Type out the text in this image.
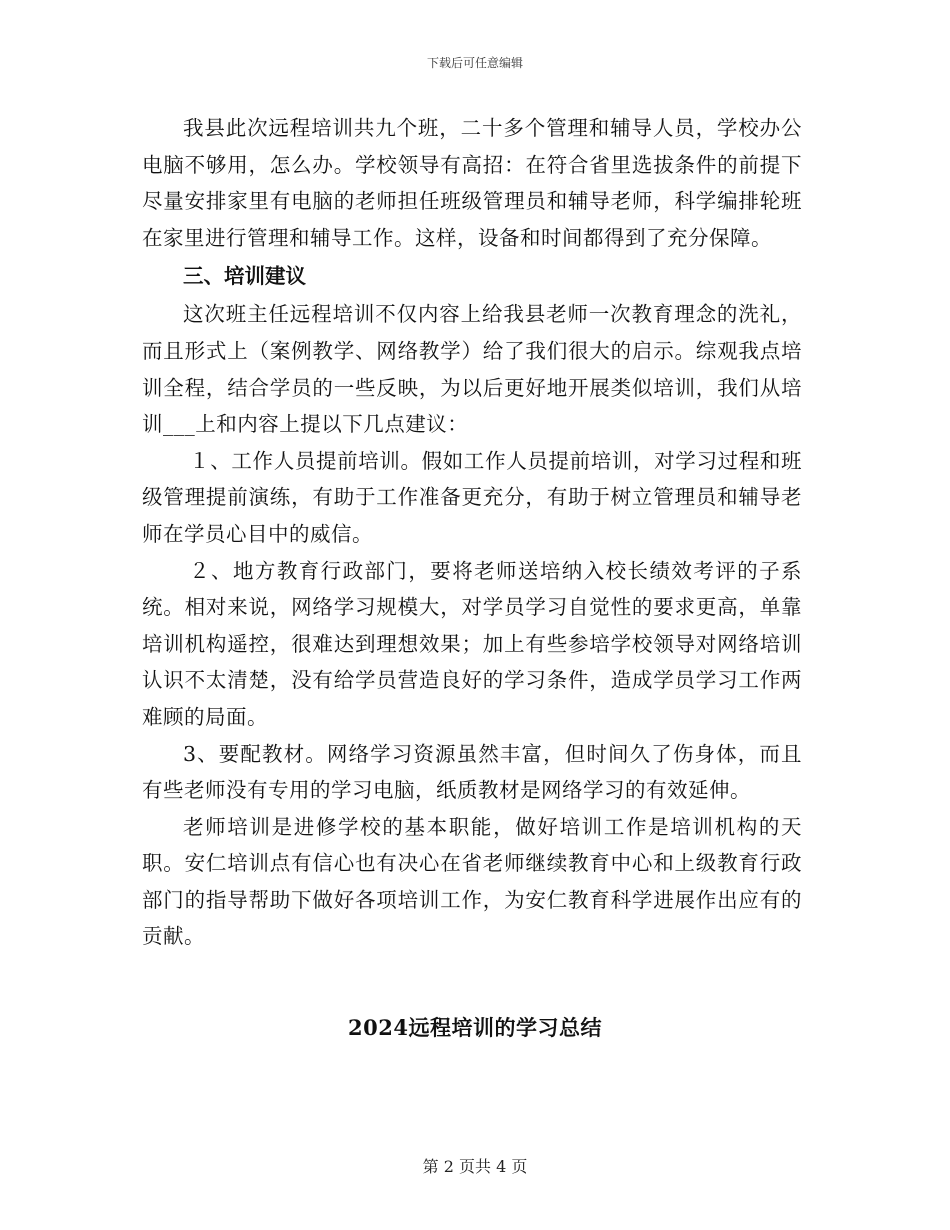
下载后可任意编辑

我县此次远程培训共九个班，二十多个管理和辅导人员，学校办公电脑不够用，怎么办。学校领导有高招：在符合省里选拔条件的前提下尽量安排家里有电脑的老师担任班级管理员和辅导老师，科学编排轮班在家里进行管理和辅导工作。这样，设备和时间都得到了充分保障。

三、培训建议

这次班主任远程培训不仅内容上给我县老师一次教育理念的洗礼，而且形式上（案例教学、网络教学）给了我们很大的启示。综观我点培训全程，结合学员的一些反映，为以后更好地开展类似培训，我们从培训___上和内容上提以下几点建议：

１、工作人员提前培训。假如工作人员提前培训，对学习过程和班级管理提前演练，有助于工作准备更充分，有助于树立管理员和辅导老师在学员心目中的威信。

２、地方教育行政部门，要将老师送培纳入校长绩效考评的子系统。相对来说，网络学习规模大，对学员学习自觉性的要求更高，单靠培训机构遥控，很难达到理想效果；加上有些参培学校领导对网络培训认识不太清楚，没有给学员营造良好的学习条件，造成学员学习工作两难顾的局面。

3、要配教材。网络学习资源虽然丰富，但时间久了伤身体，而且有些老师没有专用的学习电脑，纸质教材是网络学习的有效延伸。

老师培训是进修学校的基本职能，做好培训工作是培训机构的天职。安仁培训点有信心也有决心在省老师继续教育中心和上级教育行政部门的指导帮助下做好各项培训工作，为安仁教育科学进展作出应有的贡献。

2024远程培训的学习总结
第 2 页共 4 页
